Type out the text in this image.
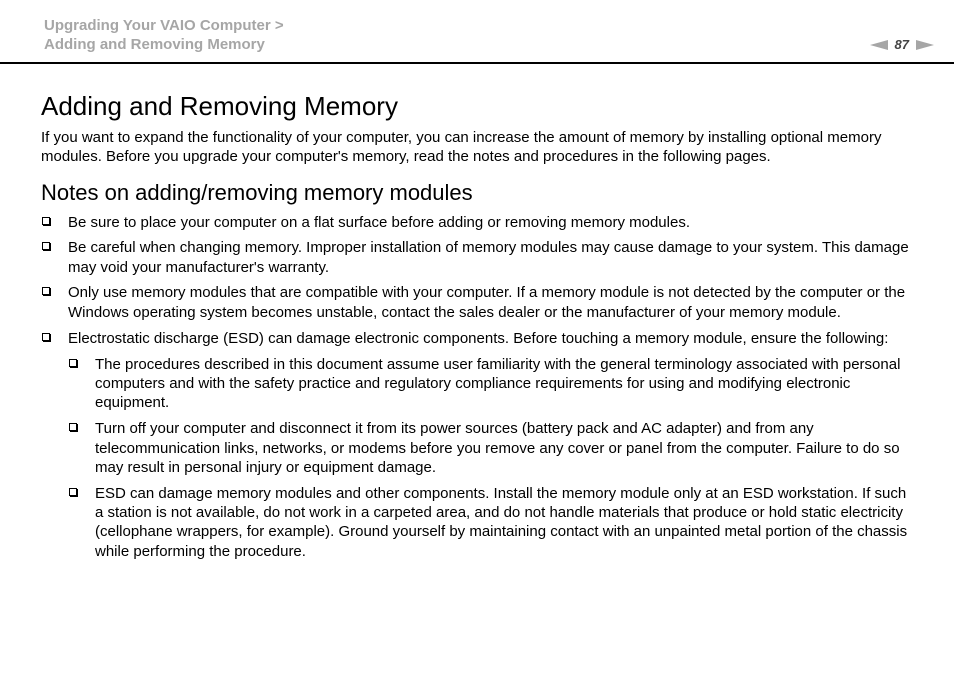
Upgrading Your VAIO Computer >
Adding and Removing Memory	87
Adding and Removing Memory

If you want to expand the functionality of your computer, you can increase the amount of memory by installing optional memory modules. Before you upgrade your computer's memory, read the notes and procedures in the following pages.

Notes on adding/removing memory modules
Be sure to place your computer on a flat surface before adding or removing memory modules.
Be careful when changing memory. Improper installation of memory modules may cause damage to your system. This damage may void your manufacturer's warranty.
Only use memory modules that are compatible with your computer. If a memory module is not detected by the computer or the Windows operating system becomes unstable, contact the sales dealer or the manufacturer of your memory module.
Electrostatic discharge (ESD) can damage electronic components. Before touching a memory module, ensure the following:
The procedures described in this document assume user familiarity with the general terminology associated with personal computers and with the safety practice and regulatory compliance requirements for using and modifying electronic equipment.
Turn off your computer and disconnect it from its power sources (battery pack and AC adapter) and from any telecommunication links, networks, or modems before you remove any cover or panel from the computer. Failure to do so may result in personal injury or equipment damage.
ESD can damage memory modules and other components. Install the memory module only at an ESD workstation. If such a station is not available, do not work in a carpeted area, and do not handle materials that produce or hold static electricity (cellophane wrappers, for example). Ground yourself by maintaining contact with an unpainted metal portion of the chassis while performing the procedure.
